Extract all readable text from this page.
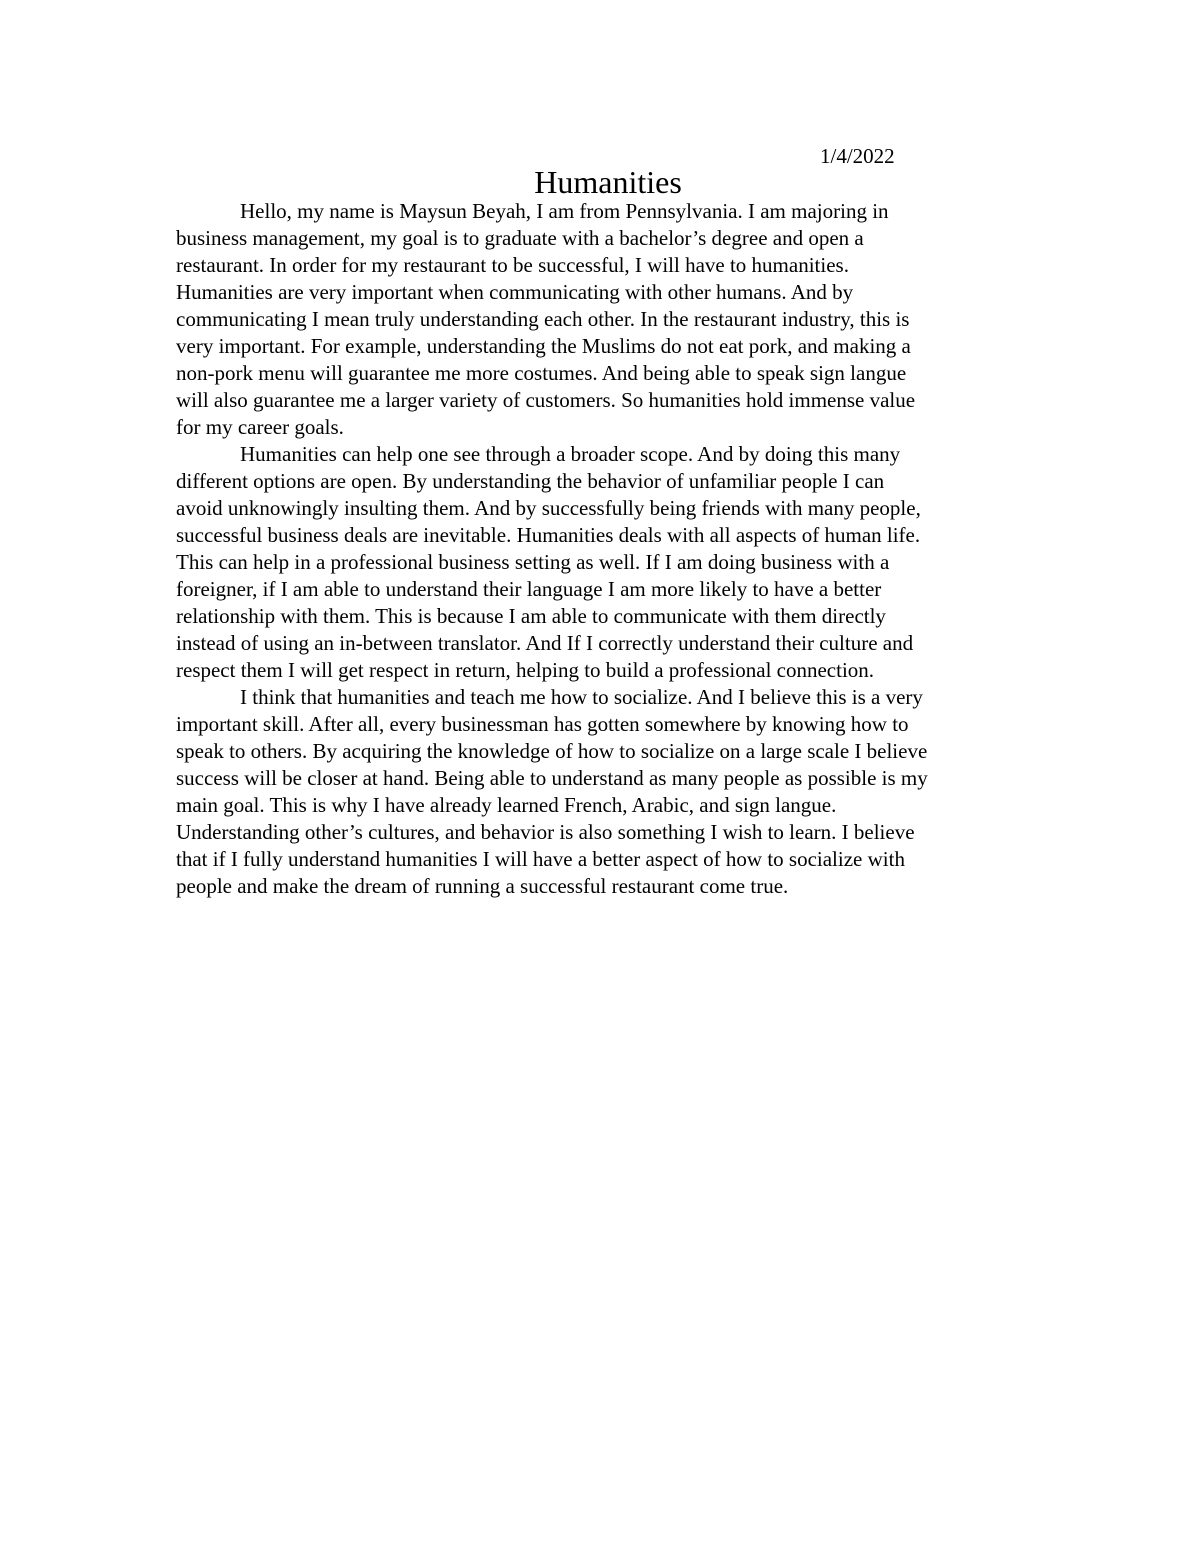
1/4/2022
Humanities

Hello, my name is Maysun Beyah, I am from Pennsylvania. I am majoring in
business management, my goal is to graduate with a bachelor’s degree and open a
restaurant. In order for my restaurant to be successful, I will have to humanities.
Humanities are very important when communicating with other humans. And by
communicating I mean truly understanding each other. In the restaurant industry, this is
very important. For example, understanding the Muslims do not eat pork, and making a
non-pork menu will guarantee me more costumes. And being able to speak sign langue
will also guarantee me a larger variety of customers. So humanities hold immense value
for my career goals.

Humanities can help one see through a broader scope. And by doing this many
different options are open. By understanding the behavior of unfamiliar people I can
avoid unknowingly insulting them. And by successfully being friends with many people,
successful business deals are inevitable. Humanities deals with all aspects of human life.
This can help in a professional business setting as well. If I am doing business with a
foreigner, if I am able to understand their language I am more likely to have a better
relationship with them. This is because I am able to communicate with them directly
instead of using an in-between translator. And If I correctly understand their culture and
respect them I will get respect in return, helping to build a professional connection.

I think that humanities and teach me how to socialize. And I believe this is a very
important skill. After all, every businessman has gotten somewhere by knowing how to
speak to others. By acquiring the knowledge of how to socialize on a large scale I believe
success will be closer at hand. Being able to understand as many people as possible is my
main goal. This is why I have already learned French, Arabic, and sign langue.
Understanding other’s cultures, and behavior is also something I wish to learn. I believe
that if I fully understand humanities I will have a better aspect of how to socialize with
people and make the dream of running a successful restaurant come true.
